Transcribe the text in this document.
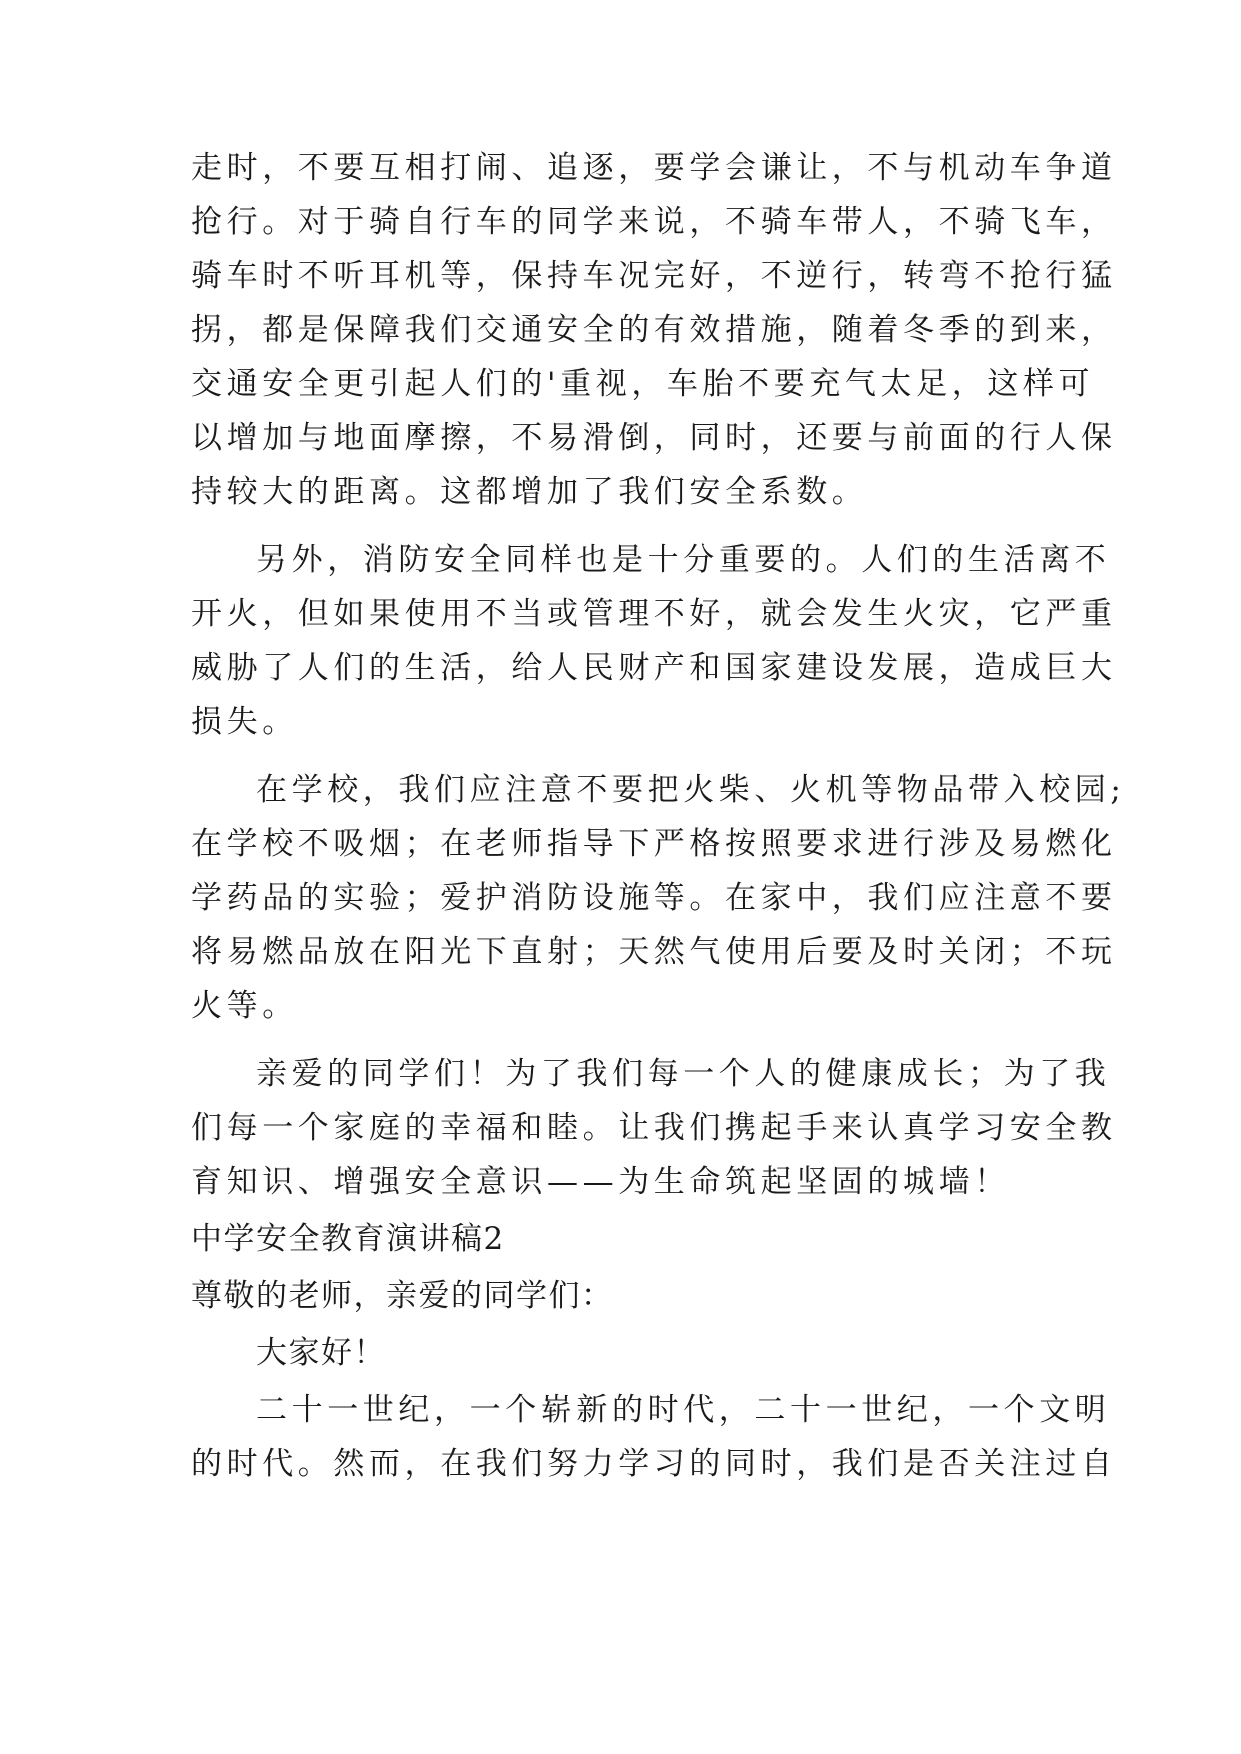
走时，不要互相打闹、追逐，要学会谦让，不与机动车争道

抢行。对于骑自行车的同学来说，不骑车带人，不骑飞车，

骑车时不听耳机等，保持车况完好，不逆行，转弯不抢行猛

拐，都是保障我们交通安全的有效措施，随着冬季的到来，

交通安全更引起人们的'重视，车胎不要充气太足，这样可

以增加与地面摩擦，不易滑倒，同时，还要与前面的行人保

持较大的距离。这都增加了我们安全系数。

另外，消防安全同样也是十分重要的。人们的生活离不

开火，但如果使用不当或管理不好，就会发生火灾，它严重

威胁了人们的生活，给人民财产和国家建设发展，造成巨大

损失。

在学校，我们应注意不要把火柴、火机等物品带入校园;

在学校不吸烟；在老师指导下严格按照要求进行涉及易燃化

学药品的实验；爱护消防设施等。在家中，我们应注意不要

将易燃品放在阳光下直射；天然气使用后要及时关闭；不玩

火等。

亲爱的同学们！为了我们每一个人的健康成长；为了我

们每一个家庭的幸福和睦。让我们携起手来认真学习安全教

育知识、增强安全意识——为生命筑起坚固的城墙！

中学安全教育演讲稿2

尊敬的老师，亲爱的同学们：

大家好！

二十一世纪，一个崭新的时代，二十一世纪，一个文明

的时代。然而，在我们努力学习的同时，我们是否关注过自
